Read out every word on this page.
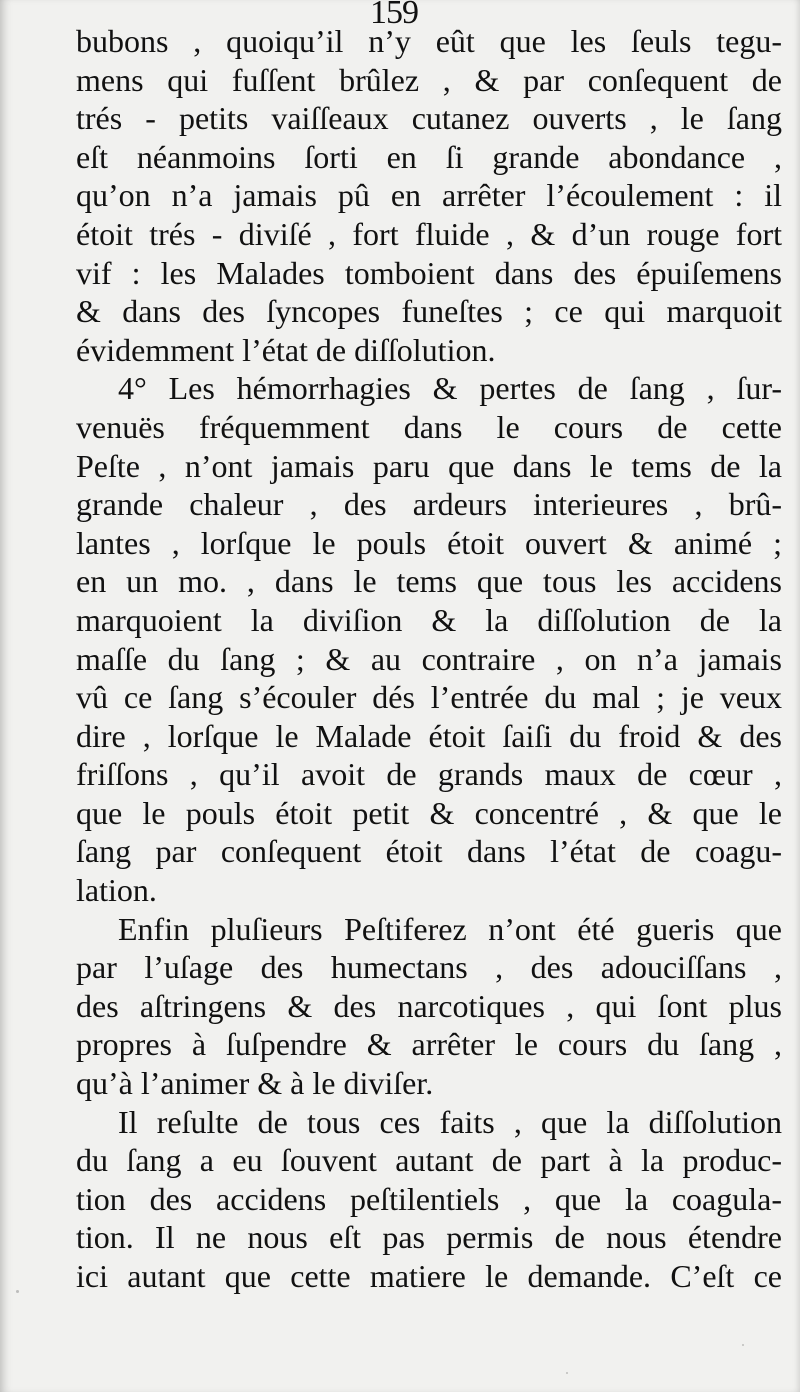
159
bubons , quoiqu’il n’y eût que les ſeuls tegu-
mens qui fuſſent brûlez , & par conſequent de
trés - petits vaiſſeaux cutanez ouverts , le ſang
eſt néanmoins ſorti en ſi grande abondance ,
qu’on n’a jamais pû en arrêter l’écoulement : il
étoit trés - diviſé , fort fluide , & d’un rouge fort
vif : les Malades tomboient dans des épuiſemens
& dans des ſyncopes funeſtes ; ce qui marquoit
évidemment l’état de diſſolution.
4° Les hémorrhagies & pertes de ſang , ſur-
venuës fréquemment dans le cours de cette
Peſte , n’ont jamais paru que dans le tems de la
grande chaleur , des ardeurs interieures , brû-
lantes , lorſque le pouls étoit ouvert & animé ;
en un mo. , dans le tems que tous les accidens
marquoient la diviſion & la diſſolution de la
maſſe du ſang ; & au contraire , on n’a jamais
vû ce ſang s’écouler dés l’entrée du mal ; je veux
dire , lorſque le Malade étoit ſaiſi du froid & des
friſſons , qu’il avoit de grands maux de cœur ,
que le pouls étoit petit & concentré , & que le
ſang par conſequent étoit dans l’état de coagu-
lation.
Enfin pluſieurs Peſtiferez n’ont été gueris que
par l’uſage des humectans , des adouciſſans ,
des aſtringens & des narcotiques , qui ſont plus
propres à ſuſpendre & arrêter le cours du ſang ,
qu’à l’animer & à le diviſer.
Il reſulte de tous ces faits , que la diſſolution
du ſang a eu ſouvent autant de part à la produc-
tion des accidens peſtilentiels , que la coagula-
tion. Il ne nous eſt pas permis de nous étendre
ici autant que cette matiere le demande. C’eſt ce
